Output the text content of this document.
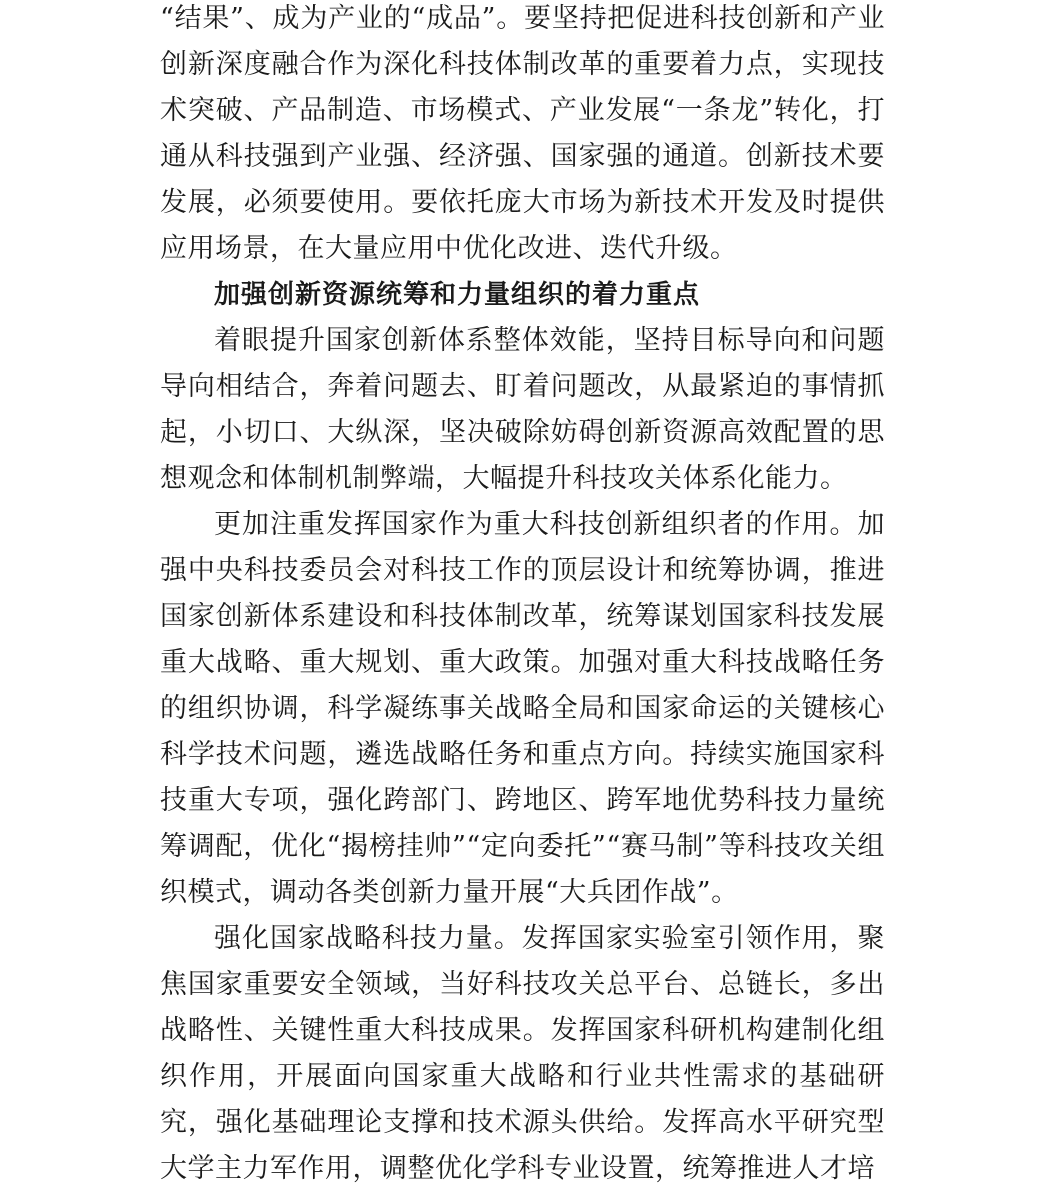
“结果”、成为产业的“成品”。要坚持把促进科技创新和产业创新深度融合作为深化科技体制改革的重要着力点，实现技术突破、产品制造、市场模式、产业发展“一条龙”转化，打通从科技强到产业强、经济强、国家强的通道。创新技术要发展，必须要使用。要依托庞大市场为新技术开发及时提供应用场景，在大量应用中优化改进、迭代升级。

加强创新资源统筹和力量组织的着力重点

着眼提升国家创新体系整体效能，坚持目标导向和问题导向相结合，奔着问题去、盯着问题改，从最紧迫的事情抓起，小切口、大纵深，坚决破除妨碍创新资源高效配置的思想观念和体制机制弊端，大幅提升科技攻关体系化能力。

更加注重发挥国家作为重大科技创新组织者的作用。加强中央科技委员会对科技工作的顶层设计和统筹协调，推进国家创新体系建设和科技体制改革，统筹谋划国家科技发展重大战略、重大规划、重大政策。加强对重大科技战略任务的组织协调，科学凝练事关战略全局和国家命运的关键核心科学技术问题，遴选战略任务和重点方向。持续实施国家科技重大专项，强化跨部门、跨地区、跨军地优势科技力量统筹调配，优化“揭榜挂帅”“定向委托”“赛马制”等科技攻关组织模式，调动各类创新力量开展“大兵团作战”。

强化国家战略科技力量。发挥国家实验室引领作用，聚焦国家重要安全领域，当好科技攻关总平台、总链长，多出战略性、关键性重大科技成果。发挥国家科研机构建制化组织作用，开展面向国家重大战略和行业共性需求的基础研究，强化基础理论支撑和技术源头供给。发挥高水平研究型大学主力军作用，调整优化学科专业设置，统筹推进人才培
